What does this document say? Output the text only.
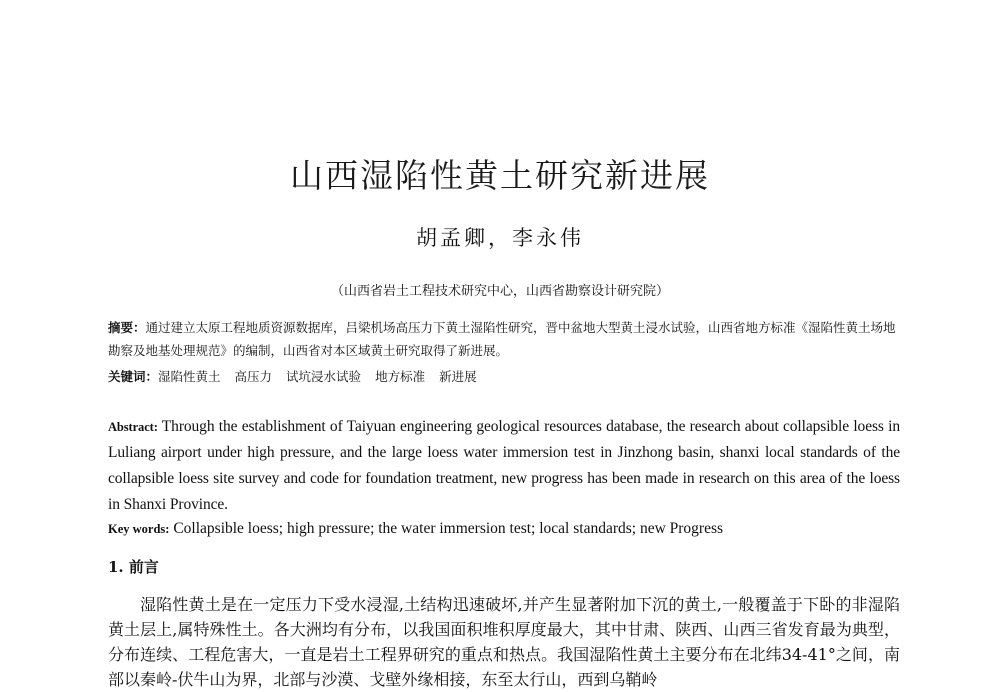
山西湿陷性黄土研究新进展
胡孟卿，李永伟
（山西省岩土工程技术研究中心，山西省勘察设计研究院）
摘要：通过建立太原工程地质资源数据库，吕梁机场高压力下黄土湿陷性研究，晋中盆地大型黄土浸水试验，山西省地方标准《湿陷性黄土场地勘察及地基处理规范》的编制，山西省对本区域黄土研究取得了新进展。
关键词：湿陷性黄土 高压力 试坑浸水试验 地方标准 新进展
Abstract: Through the establishment of Taiyuan engineering geological resources database, the research about collapsible loess in Luliang airport under high pressure, and the large loess water immersion test in Jinzhong basin, shanxi local standards of the collapsible loess site survey and code for foundation treatment, new progress has been made in research on this area of the loess in Shanxi Province.
Key words: Collapsible loess; high pressure; the water immersion test; local standards; new Progress
1. 前言
湿陷性黄土是在一定压力下受水浸湿,土结构迅速破坏,并产生显著附加下沉的黄土,一般覆盖于下卧的非湿陷黄土层上,属特殊性土。各大洲均有分布，以我国面积堆积厚度最大，其中甘肃、陕西、山西三省发育最为典型，分布连续、工程危害大，一直是岩土工程界研究的重点和热点。我国湿陷性黄土主要分布在北纬34-41°之间，南部以秦岭-伏牛山为界，北部与沙漠、戈壁外缘相接，东至太行山，西到乌鞘岭
